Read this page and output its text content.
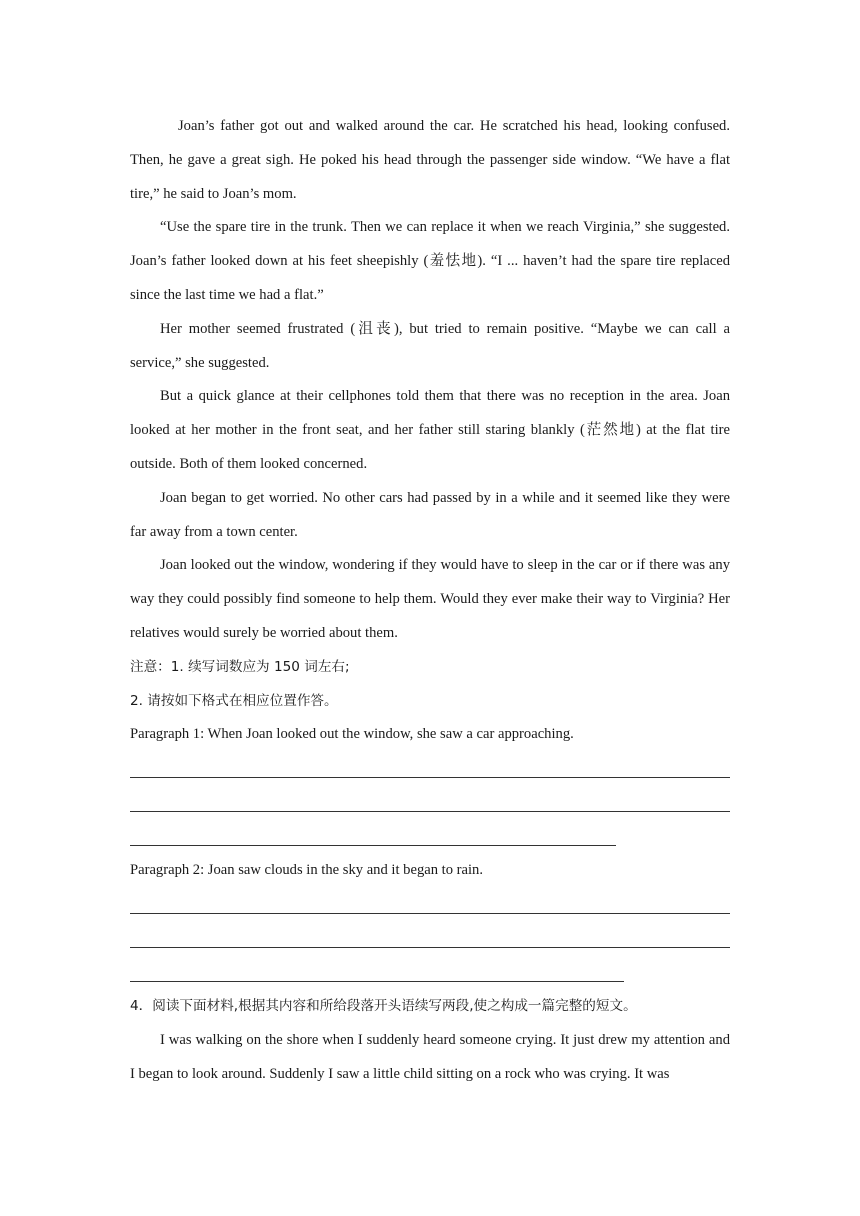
Joan’s father got out and walked around the car. He scratched his head, looking confused. Then, he gave a great sigh. He poked his head through the passenger side window. “We have a flat tire,” he said to Joan’s mom.

“Use the spare tire in the trunk. Then we can replace it when we reach Virginia,” she suggested. Joan’s father looked down at his feet sheepishly (羞怯地). “I ... haven’t had the spare tire replaced since the last time we had a flat.”

Her mother seemed frustrated (沮丧), but tried to remain positive. “Maybe we can call a service,” she suggested.

But a quick glance at their cellphones told them that there was no reception in the area. Joan looked at her mother in the front seat, and her father still staring blankly (茫然地) at the flat tire outside. Both of them looked concerned.

Joan began to get worried. No other cars had passed by in a while and it seemed like they were far away from a town center.

Joan looked out the window, wondering if they would have to sleep in the car or if there was any way they could possibly find someone to help them. Would they ever make their way to Virginia? Her relatives would surely be worried about them.

注意：1. 续写词数应为 150 词左右;

2. 请按如下格式在相应位置作答。

Paragraph 1: When Joan looked out the window, she saw a car approaching.

Paragraph 2: Joan saw clouds in the sky and it began to rain.

4．阅读下面材料,根据其内容和所给段落开头语续写两段,使之构成一篇完整的短文。

I was walking on the shore when I suddenly heard someone crying. It just drew my attention and I began to look around. Suddenly I saw a little child sitting on a rock who was crying. It was
